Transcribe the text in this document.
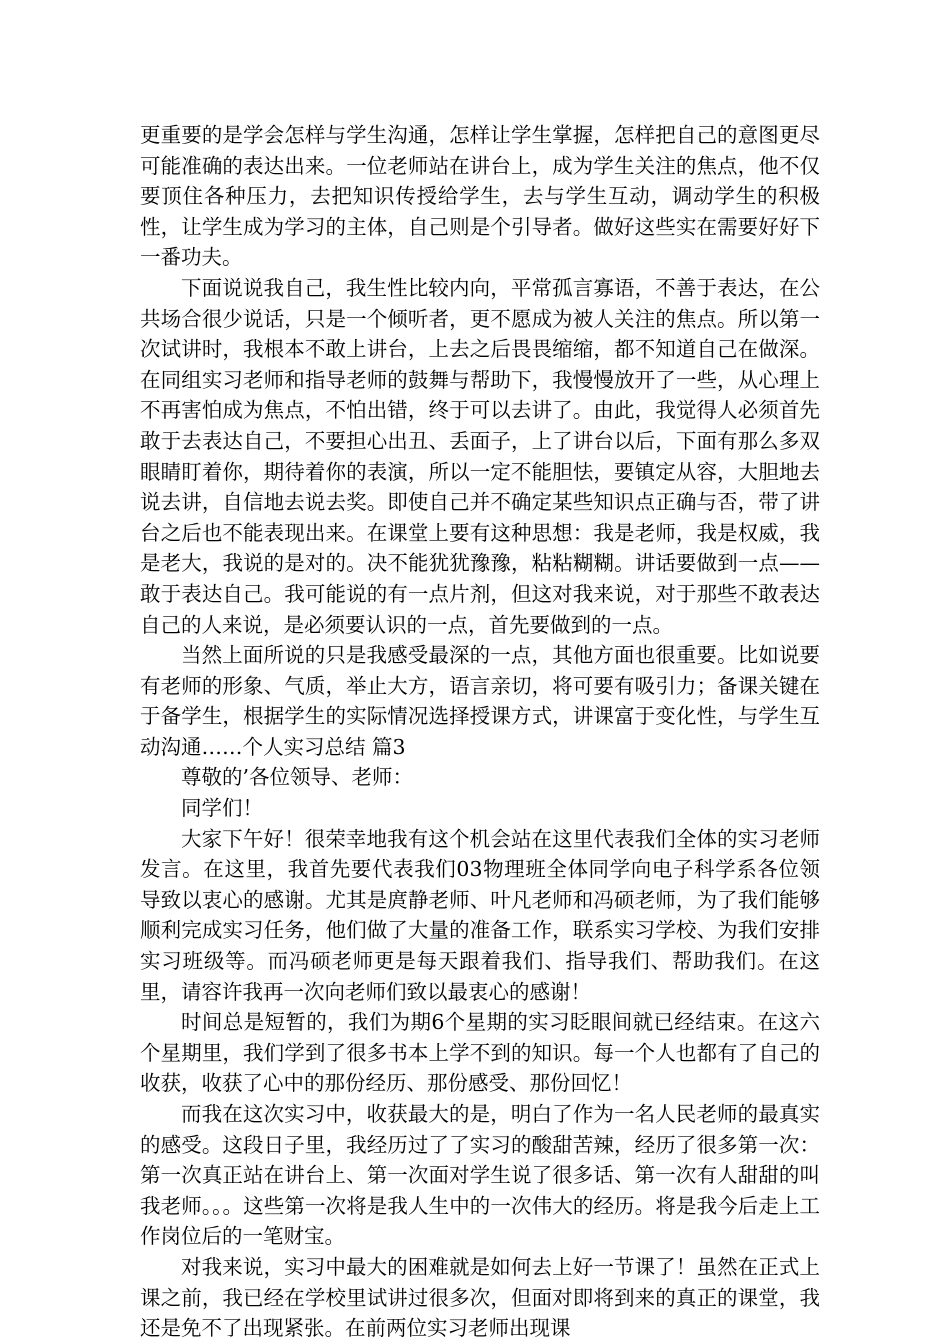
更重要的是学会怎样与学生沟通，怎样让学生掌握，怎样把自己的意图更尽可能准确的表达出来。一位老师站在讲台上，成为学生关注的焦点，他不仅要顶住各种压力，去把知识传授给学生，去与学生互动，调动学生的积极性，让学生成为学习的主体，自己则是个引导者。做好这些实在需要好好下一番功夫。

下面说说我自己，我生性比较内向，平常孤言寡语，不善于表达，在公共场合很少说话，只是一个倾听者，更不愿成为被人关注的焦点。所以第一次试讲时，我根本不敢上讲台，上去之后畏畏缩缩，都不知道自己在做深。在同组实习老师和指导老师的鼓舞与帮助下，我慢慢放开了一些，从心理上不再害怕成为焦点，不怕出错，终于可以去讲了。由此，我觉得人必须首先敢于去表达自己，不要担心出丑、丢面子，上了讲台以后，下面有那么多双眼睛盯着你，期待着你的表演，所以一定不能胆怯，要镇定从容，大胆地去说去讲，自信地去说去奖。即使自己并不确定某些知识点正确与否，带了讲台之后也不能表现出来。在课堂上要有这种思想：我是老师，我是权威，我是老大，我说的是对的。决不能犹犹豫豫，粘粘糊糊。讲话要做到一点——敢于表达自己。我可能说的有一点片剂，但这对我来说，对于那些不敢表达自己的人来说，是必须要认识的一点，首先要做到的一点。

当然上面所说的只是我感受最深的一点，其他方面也很重要。比如说要有老师的形象、气质，举止大方，语言亲切，将可要有吸引力；备课关键在于备学生，根据学生的实际情况选择授课方式，讲课富于变化性，与学生互动沟通……个人实习总结 篇3

尊敬的’各位领导、老师：

同学们！

大家下午好！很荣幸地我有这个机会站在这里代表我们全体的实习老师发言。在这里，我首先要代表我们03物理班全体同学向电子科学系各位领导致以衷心的感谢。尤其是庹静老师、叶凡老师和冯硕老师，为了我们能够顺利完成实习任务，他们做了大量的准备工作，联系实习学校、为我们安排实习班级等。而冯硕老师更是每天跟着我们、指导我们、帮助我们。在这里，请容许我再一次向老师们致以最衷心的感谢！

时间总是短暂的，我们为期6个星期的实习眨眼间就已经结束。在这六个星期里，我们学到了很多书本上学不到的知识。每一个人也都有了自己的收获，收获了心中的那份经历、那份感受、那份回忆！

而我在这次实习中，收获最大的是，明白了作为一名人民老师的最真实的感受。这段日子里，我经历过了了实习的酸甜苦辣，经历了很多第一次：第一次真正站在讲台上、第一次面对学生说了很多话、第一次有人甜甜的叫我老师。。。这些第一次将是我人生中的一次伟大的经历。将是我今后走上工作岗位后的一笔财宝。

对我来说，实习中最大的困难就是如何去上好一节课了！虽然在正式上课之前，我已经在学校里试讲过很多次，但面对即将到来的真正的课堂，我还是免不了出现紧张。在前两位实习老师出现课
